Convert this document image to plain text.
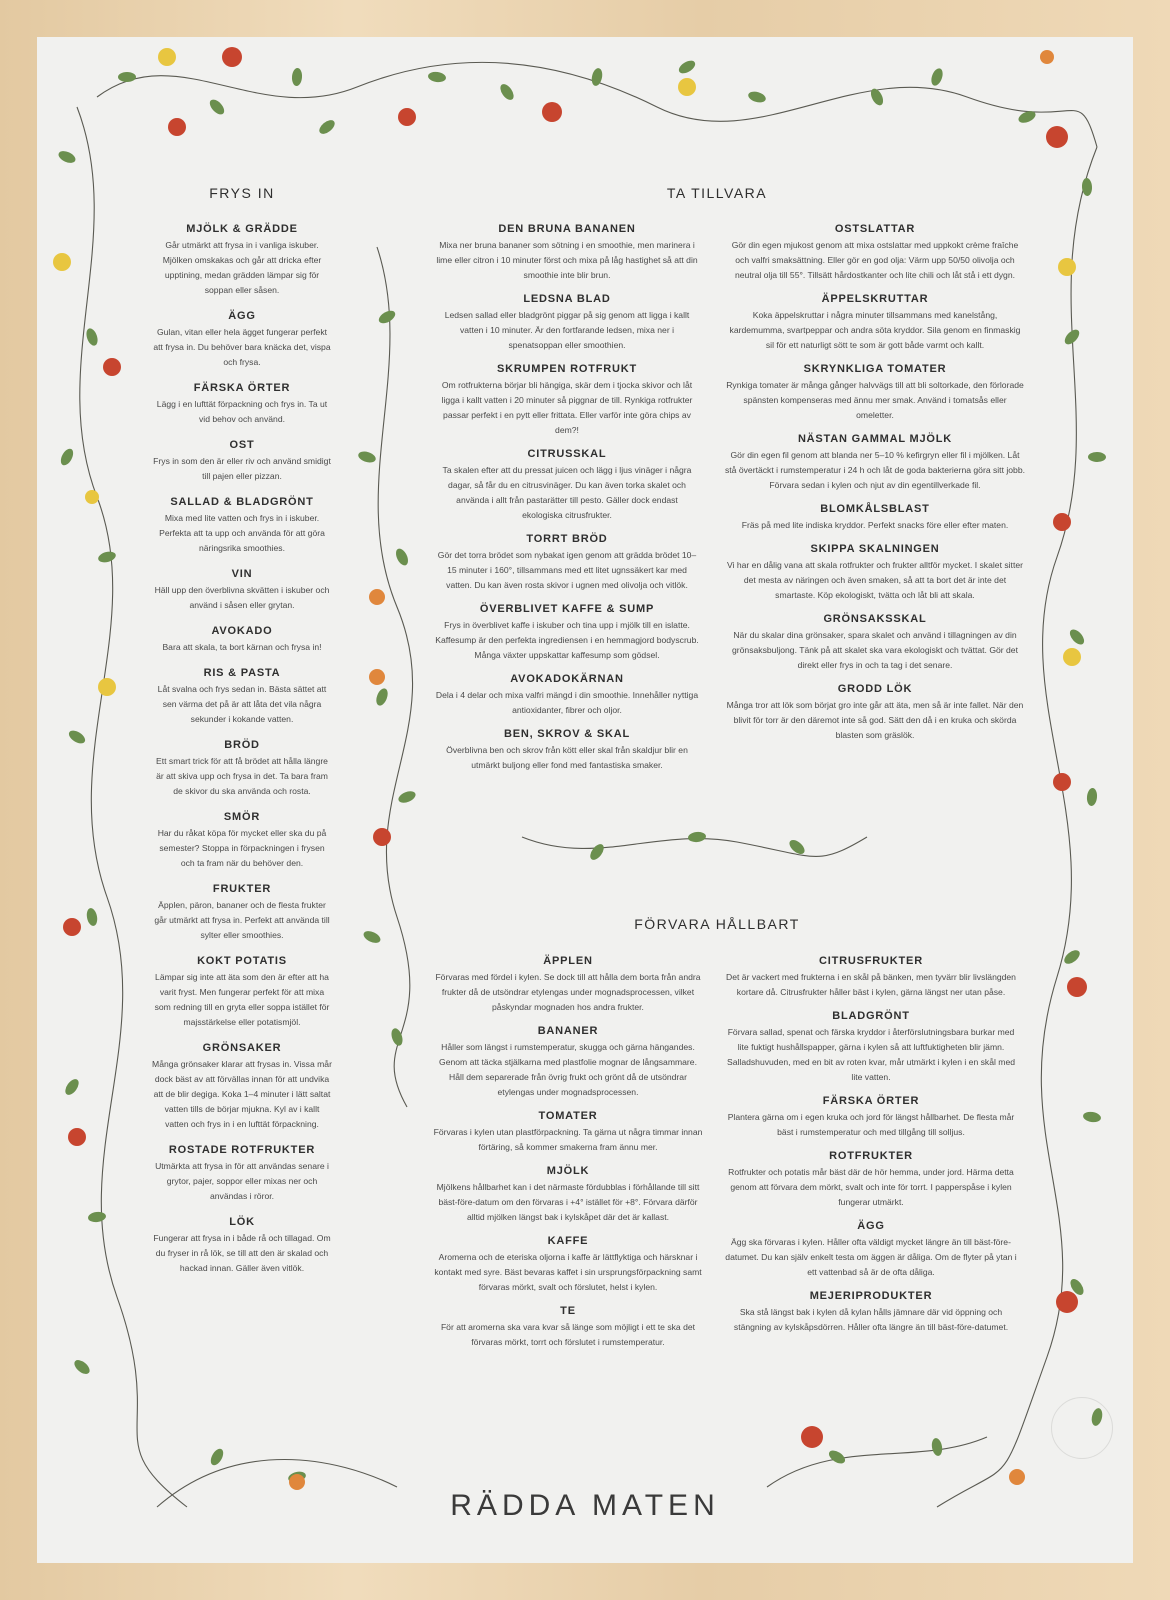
FRYS IN	TA TILLVARA
FÖRVARA HÅLLBART
MJÖLK & GRÄDDE
Går utmärkt att frysa in i vanliga iskuber. Mjölken omskakas och går att dricka efter upptining, medan grädden lämpar sig för soppan eller såsen.
ÄGG
Gulan, vitan eller hela ägget fungerar perfekt att frysa in. Du behöver bara knäcka det, vispa och frysa.
FÄRSKA ÖRTER
Lägg i en lufttät förpackning och frys in. Ta ut vid behov och använd.
OST
Frys in som den är eller riv och använd smidigt till pajen eller pizzan.
SALLAD & BLADGRÖNT
Mixa med lite vatten och frys in i iskuber. Perfekta att ta upp och använda för att göra näringsrika smoothies.
VIN
Häll upp den överblivna skvätten i iskuber och använd i såsen eller grytan.
AVOKADO
Bara att skala, ta bort kärnan och frysa in!
RIS & PASTA
Låt svalna och frys sedan in. Bästa sättet att sen värma det på är att låta det vila några sekunder i kokande vatten.
BRÖD
Ett smart trick för att få brödet att hålla längre är att skiva upp och frysa in det. Ta bara fram de skivor du ska använda och rosta.
SMÖR
Har du råkat köpa för mycket eller ska du på semester? Stoppa in förpackningen i frysen och ta fram när du behöver den.
FRUKTER
Äpplen, päron, bananer och de flesta frukter går utmärkt att frysa in. Perfekt att använda till sylter eller smoothies.
KOKT POTATIS
Lämpar sig inte att äta som den är efter att ha varit fryst. Men fungerar perfekt för att mixa som redning till en gryta eller soppa istället för majsstärkelse eller potatismjöl.
GRÖNSAKER
Många grönsaker klarar att frysas in. Vissa mår dock bäst av att förvällas innan för att undvika att de blir degiga. Koka 1–4 minuter i lätt saltat vatten tills de börjar mjukna. Kyl av i kallt vatten och frys in i en lufttät förpackning.
ROSTADE ROTFRUKTER
Utmärkta att frysa in för att användas senare i grytor, pajer, soppor eller mixas ner och användas i röror.
LÖK
Fungerar att frysa in i både rå och tillagad. Om du fryser in rå lök, se till att den är skalad och hackad innan. Gäller även vitlök.
DEN BRUNA BANANEN
Mixa ner bruna bananer som sötning i en smoothie, men marinera i lime eller citron i 10 minuter först och mixa på låg hastighet så att din smoothie inte blir brun.
LEDSNA BLAD
Ledsen sallad eller bladgrönt piggar på sig genom att ligga i kallt vatten i 10 minuter. Är den fortfarande ledsen, mixa ner i spenatsoppan eller smoothien.
SKRUMPEN ROTFRUKT
Om rotfrukterna börjar bli hängiga, skär dem i tjocka skivor och låt ligga i kallt vatten i 20 minuter så piggnar de till. Rynkiga rotfrukter passar perfekt i en pytt eller frittata. Eller varför inte göra chips av dem?!
CITRUSSKAL
Ta skalen efter att du pressat juicen och lägg i ljus vinäger i några dagar, så får du en citrusvinäger. Du kan även torka skalet och använda i allt från pastarätter till pesto. Gäller dock endast ekologiska citrusfrukter.
TORRT BRÖD
Gör det torra brödet som nybakat igen genom att grädda brödet 10–15 minuter i 160°, tillsammans med ett litet ugnssäkert kar med vatten. Du kan även rosta skivor i ugnen med olivolja och vitlök.
ÖVERBLIVET KAFFE & SUMP
Frys in överblivet kaffe i iskuber och tina upp i mjölk till en islatte. Kaffesump är den perfekta ingrediensen i en hemmagjord bodyscrub. Många växter uppskattar kaffesump som gödsel.
AVOKADOKÄRNAN
Dela i 4 delar och mixa valfri mängd i din smoothie. Innehåller nyttiga antioxidanter, fibrer och oljor.
BEN, SKROV & SKAL
Överblivna ben och skrov från kött eller skal från skaldjur blir en utmärkt buljong eller fond med fantastiska smaker.
OSTSLATTAR
Gör din egen mjukost genom att mixa ostslattar med uppkokt crème fraîche och valfri smaksättning. Eller gör en god olja: Värm upp 50/50 olivolja och neutral olja till 55°. Tillsätt hårdostkanter och lite chili och låt stå i ett dygn.
ÄPPELSKRUTTAR
Koka äppelskruttar i några minuter tillsammans med kanelstång, kardemumma, svartpeppar och andra söta kryddor. Sila genom en finmaskig sil för ett naturligt sött te som är gott både varmt och kallt.
SKRYNKLIGA TOMATER
Rynkiga tomater är många gånger halvvägs till att bli soltorkade, den förlorade spänsten kompenseras med ännu mer smak. Använd i tomatsås eller omeletter.
NÄSTAN GAMMAL MJÖLK
Gör din egen fil genom att blanda ner 5–10 % kefirgryn eller fil i mjölken. Låt stå övertäckt i rumstemperatur i 24 h och låt de goda bakterierna göra sitt jobb. Förvara sedan i kylen och njut av din egentillverkade fil.
BLOMKÅLSBLAST
Fräs på med lite indiska kryddor. Perfekt snacks före eller efter maten.
SKIPPA SKALNINGEN
Vi har en dålig vana att skala rotfrukter och frukter alltför mycket. I skalet sitter det mesta av näringen och även smaken, så att ta bort det är inte det smartaste. Köp ekologiskt, tvätta och låt bli att skala.
GRÖNSAKSSKAL
När du skalar dina grönsaker, spara skalet och använd i tillagningen av din grönsaksbuljong. Tänk på att skalet ska vara ekologiskt och tvättat. Gör det direkt eller frys in och ta tag i det senare.
GRODD LÖK
Många tror att lök som börjat gro inte går att äta, men så är inte fallet. När den blivit för torr är den däremot inte så god. Sätt den då i en kruka och skörda blasten som gräslök.
ÄPPLEN
Förvaras med fördel i kylen. Se dock till att hålla dem borta från andra frukter då de utsöndrar etylengas under mognadsprocessen, vilket påskyndar mognaden hos andra frukter.
BANANER
Håller som längst i rumstemperatur, skugga och gärna hängandes. Genom att täcka stjälkarna med plastfolie mognar de långsammare. Håll dem separerade från övrig frukt och grönt då de utsöndrar etylengas under mognadsprocessen.
TOMATER
Förvaras i kylen utan plastförpackning. Ta gärna ut några timmar innan förtäring, så kommer smakerna fram ännu mer.
MJÖLK
Mjölkens hållbarhet kan i det närmaste fördubblas i förhållande till sitt bäst-före-datum om den förvaras i +4° istället för +8°. Förvara därför alltid mjölken längst bak i kylskåpet där det är kallast.
KAFFE
Aromerna och de eteriska oljorna i kaffe är lättflyktiga och härsknar i kontakt med syre. Bäst bevaras kaffet i sin ursprungsförpackning samt förvaras mörkt, svalt och förslutet, helst i kylen.
TE
För att aromerna ska vara kvar så länge som möjligt i ett te ska det förvaras mörkt, torrt och förslutet i rumstemperatur.
CITRUSFRUKTER
Det är vackert med frukterna i en skål på bänken, men tyvärr blir livslängden kortare då. Citrusfrukter håller bäst i kylen, gärna längst ner utan påse.
BLADGRÖNT
Förvara sallad, spenat och färska kryddor i återförslutningsbara burkar med lite fuktigt hushållspapper, gärna i kylen så att luftfuktigheten blir jämn. Salladshuvuden, med en bit av roten kvar, mår utmärkt i kylen i en skål med lite vatten.
FÄRSKA ÖRTER
Plantera gärna om i egen kruka och jord för längst hållbarhet. De flesta mår bäst i rumstemperatur och med tillgång till solljus.
ROTFRUKTER
Rotfrukter och potatis mår bäst där de hör hemma, under jord. Härma detta genom att förvara dem mörkt, svalt och inte för torrt. I papperspåse i kylen fungerar utmärkt.
ÄGG
Ägg ska förvaras i kylen. Håller ofta väldigt mycket längre än till bäst-före-datumet. Du kan själv enkelt testa om äggen är dåliga. Om de flyter på ytan i ett vattenbad så är de ofta dåliga.
MEJERIPRODUKTER
Ska stå längst bak i kylen då kylan hålls jämnare där vid öppning och stängning av kylskåpsdörren. Håller ofta längre än till bäst-före-datumet.
RÄDDA MATEN
